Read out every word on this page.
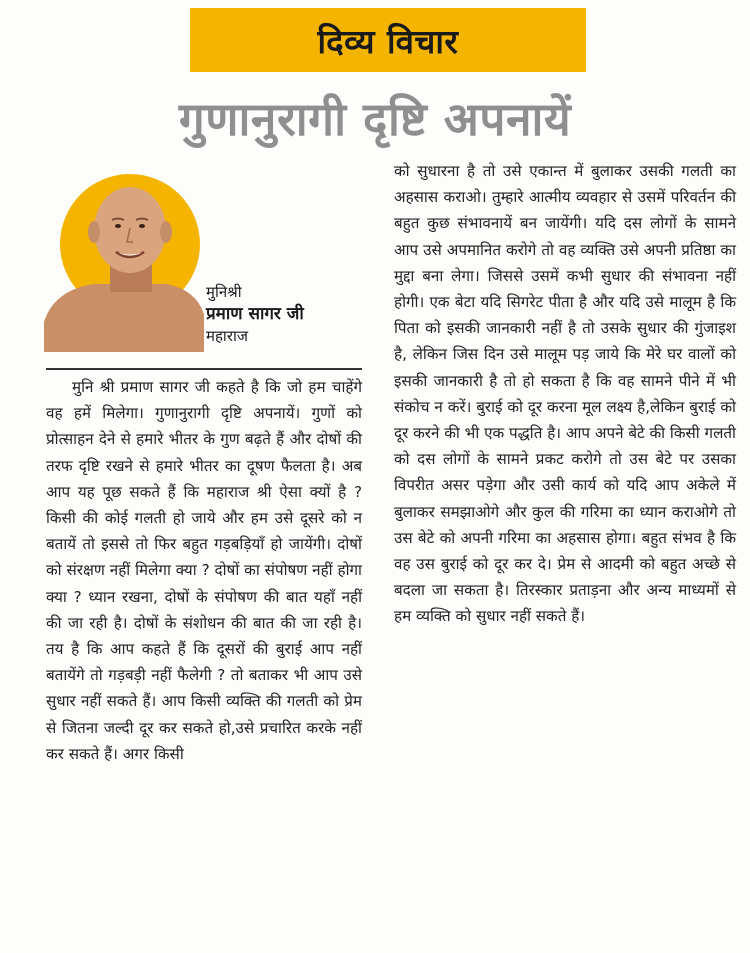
दिव्य विचार
गुणानुरागी दृष्टि अपनायें
मुनिश्री
प्रमाण सागर जी
महाराज
मुनि श्री प्रमाण सागर जी कहते है कि जो हम चाहेंगे वह हमें मिलेगा। गुणानुरागी दृष्टि अपनायें। गुणों को प्रोत्साहन देने से हमारे भीतर के गुण बढ़ते हैं और दोषों की तरफ दृष्टि रखने से हमारे भीतर का दूषण फैलता है। अब आप यह पूछ सकते हैं कि महाराज श्री ऐसा क्यों है ? किसी की कोई गलती हो जाये और हम उसे दूसरे को न बतायें तो इससे तो फिर बहुत गड़बड़ियाँ हो जायेंगी। दोषों को संरक्षण नहीं मिलेगा क्या ? दोषों का संपोषण नहीं होगा क्या ? ध्यान रखना, दोषों के संपोषण की बात यहाँ नहीं की जा रही है। दोषों के संशोधन की बात की जा रही है। तय है कि आप कहते हैं कि दूसरों की बुराई आप नहीं बतायेंगे तो गड़बड़ी नहीं फैलेगी ? तो बताकर भी आप उसे सुधार नहीं सकते हैं। आप किसी व्यक्ति की गलती को प्रेम से जितना जल्दी दूर कर सकते हो,उसे प्रचारित करके नहीं कर सकते हैं। अगर किसी
को सुधारना है तो उसे एकान्त में बुलाकर उसकी गलती का अहसास कराओ। तुम्हारे आत्मीय व्यवहार से उसमें परिवर्तन की बहुत कुछ संभावनायें बन जायेंगी। यदि दस लोगों के सामने आप उसे अपमानित करोगे तो वह व्यक्ति उसे अपनी प्रतिष्ठा का मुद्दा बना लेगा। जिससे उसमें कभी सुधार की संभावना नहीं होगी। एक बेटा यदि सिगरेट पीता है और यदि उसे मालूम है कि पिता को इसकी जानकारी नहीं है तो उसके सुधार की गुंजाइश है, लेकिन जिस दिन उसे मालूम पड़ जाये कि मेरे घर वालों को इसकी जानकारी है तो हो सकता है कि वह सामने पीने में भी संकोच न करें। बुराई को दूर करना मूल लक्ष्य है,लेकिन बुराई को दूर करने की भी एक पद्धति है। आप अपने बेटे की किसी गलती को दस लोगों के सामने प्रकट करोगे तो उस बेटे पर उसका विपरीत असर पड़ेगा और उसी कार्य को यदि आप अकेले में बुलाकर समझाओगे और कुल की गरिमा का ध्यान कराओगे तो उस बेटे को अपनी गरिमा का अहसास होगा। बहुत संभव है कि वह उस बुराई को दूर कर दे। प्रेम से आदमी को बहुत अच्छे से बदला जा सकता है। तिरस्कार प्रताड़ना और अन्य माध्यमों से हम व्यक्ति को सुधार नहीं सकते हैं।
